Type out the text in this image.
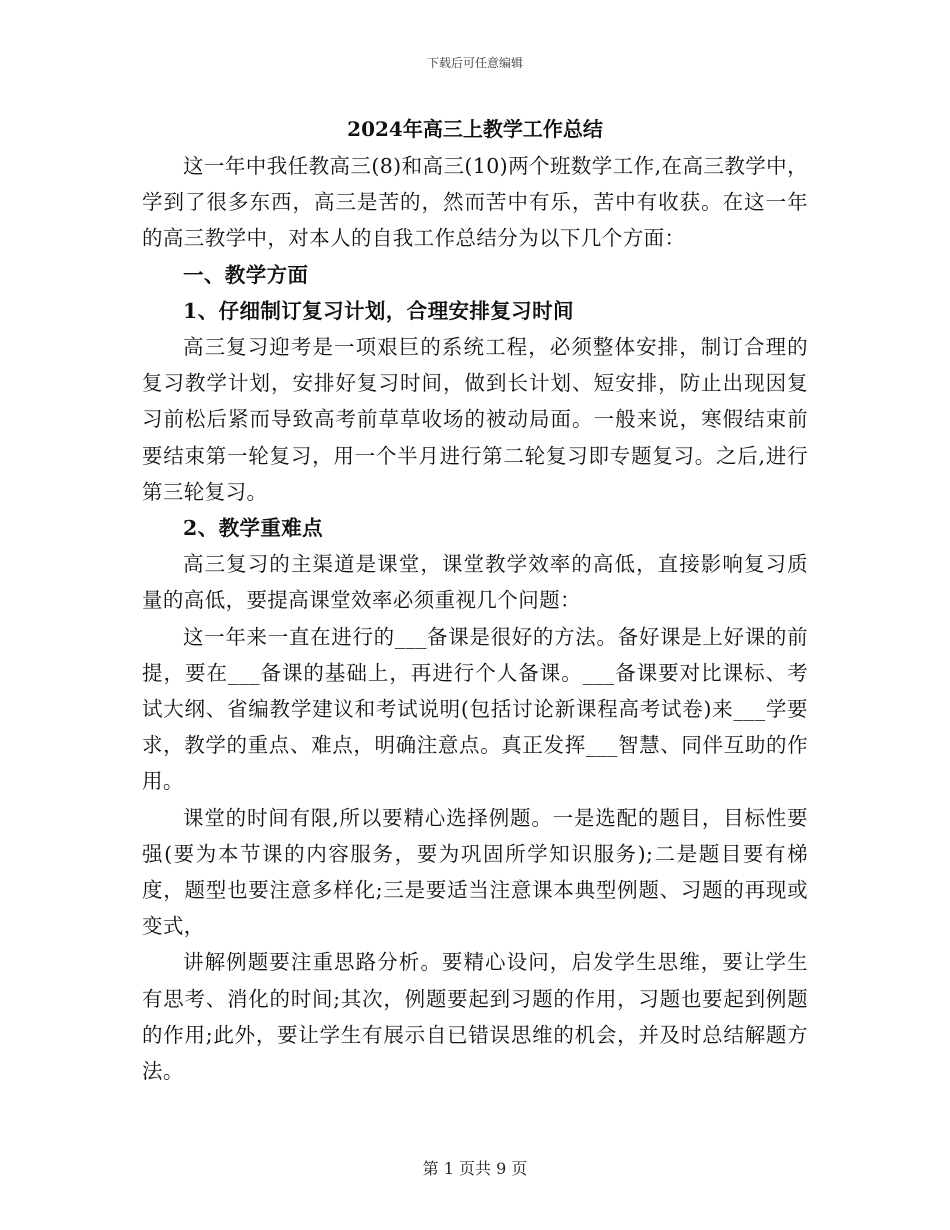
下载后可任意编辑
2024年高三上教学工作总结

这一年中我任教高三(8)和高三(10)两个班数学工作,在高三教学中，学到了很多东西，高三是苦的，然而苦中有乐，苦中有收获。在这一年的高三教学中，对本人的自我工作总结分为以下几个方面：

一、教学方面

1、仔细制订复习计划，合理安排复习时间

高三复习迎考是一项艰巨的系统工程，必须整体安排，制订合理的复习教学计划，安排好复习时间，做到长计划、短安排，防止出现因复习前松后紧而导致高考前草草收场的被动局面。一般来说，寒假结束前要结束第一轮复习，用一个半月进行第二轮复习即专题复习。之后,进行第三轮复习。

2、教学重难点

高三复习的主渠道是课堂，课堂教学效率的高低，直接影响复习质量的高低，要提高课堂效率必须重视几个问题：

这一年来一直在进行的___备课是很好的方法。备好课是上好课的前提，要在___备课的基础上，再进行个人备课。___备课要对比课标、考试大纲、省编教学建议和考试说明(包括讨论新课程高考试卷)来___学要求，教学的重点、难点，明确注意点。真正发挥___智慧、同伴互助的作用。

课堂的时间有限,所以要精心选择例题。一是选配的题目，目标性要强(要为本节课的内容服务，要为巩固所学知识服务);二是题目要有梯度，题型也要注意多样化;三是要适当注意课本典型例题、习题的再现或变式，

讲解例题要注重思路分析。要精心设问，启发学生思维，要让学生有思考、消化的时间;其次，例题要起到习题的作用，习题也要起到例题的作用;此外，要让学生有展示自已错误思维的机会，并及时总结解题方法。

第 1 页共 9 页
